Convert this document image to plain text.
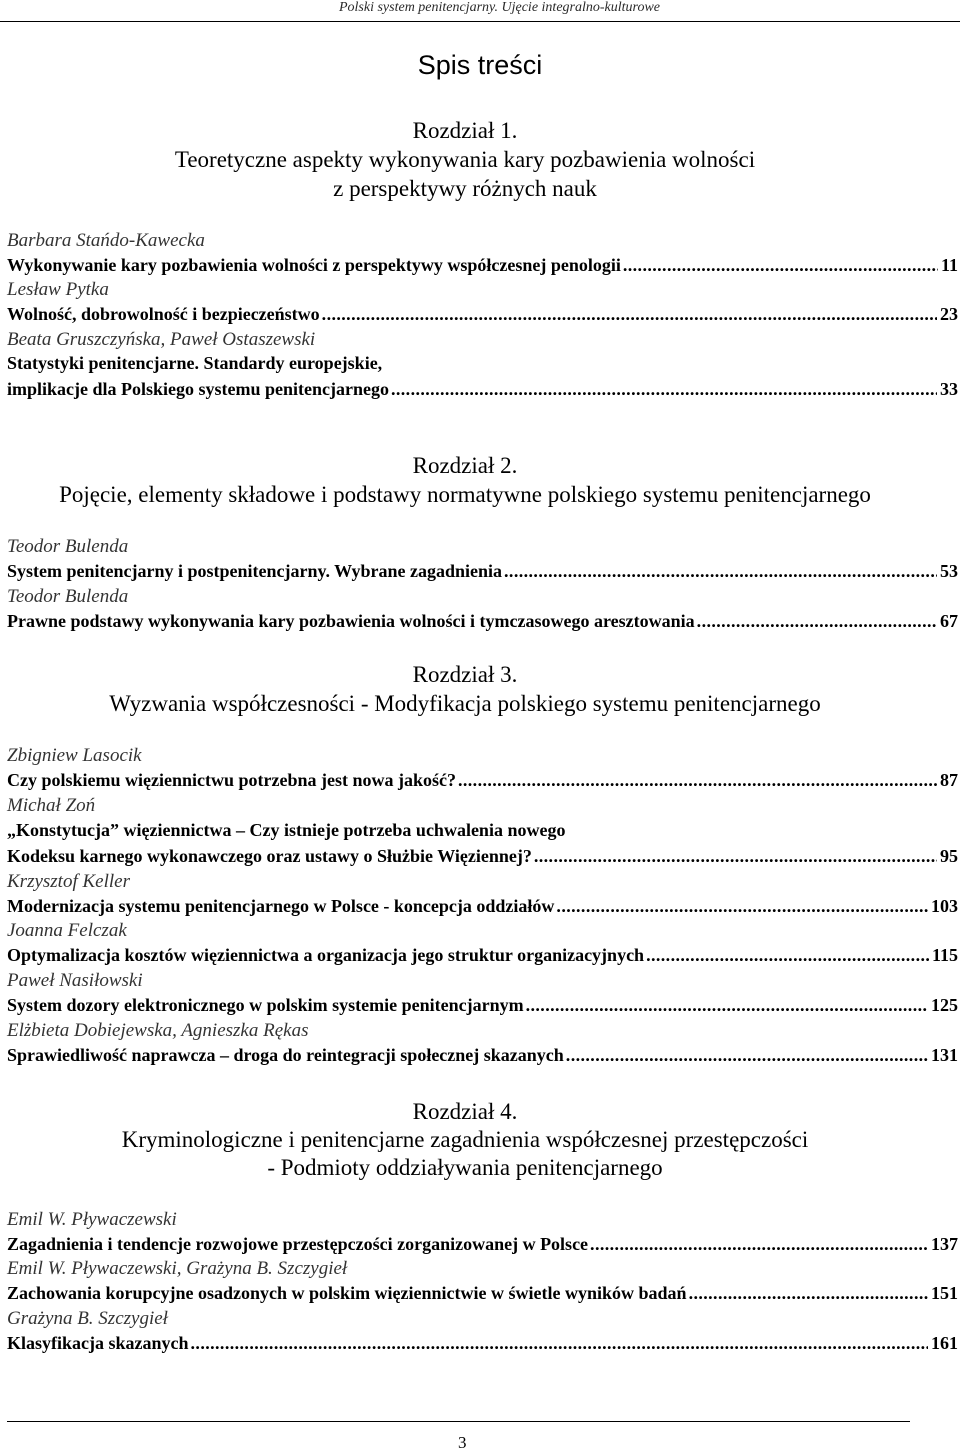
Polski system penitencjarny. Ujęcie integralno-kulturowe
Spis treści
Rozdział 1.
Teoretyczne aspekty wykonywania kary pozbawienia wolności
z perspektywy różnych nauk
Barbara Stańdo-Kawecka
Wykonywanie kary pozbawienia wolności z perspektywy współczesnej penologii .....	11
Lesław Pytka
Wolność, dobrowolność i bezpieczeństwo .....	23
Beata Gruszczyńska, Paweł Ostaszewski
Statystyki penitencjarne. Standardy europejskie,
implikacje dla Polskiego systemu penitencjarnego .....	33
Rozdział 2.
Pojęcie, elementy składowe i podstawy normatywne polskiego systemu penitencjarnego
Teodor Bulenda
System penitencjarny i postpenitencjarny. Wybrane zagadnienia .....	53
Teodor Bulenda
Prawne podstawy wykonywania kary pozbawienia wolności i tymczasowego aresztowania .....	67
Rozdział 3.
Wyzwania współczesności - Modyfikacja polskiego systemu penitencjarnego
Zbigniew Lasocik
Czy polskiemu więziennictwu potrzebna jest nowa jakość? .....	87
Michał Zoń
„Konstytucja” więziennictwa – Czy istnieje potrzeba uchwalenia nowego
Kodeksu karnego wykonawczego oraz ustawy o Służbie Więziennej? .....	95
Krzysztof Keller
Modernizacja systemu penitencjarnego w Polsce - koncepcja oddziałów .....	103
Joanna Felczak
Optymalizacja kosztów więziennictwa a organizacja jego struktur organizacyjnych .....	115
Paweł Nasiłowski
System dozory elektronicznego w polskim systemie penitencjarnym .....	125
Elżbieta Dobiejewska, Agnieszka Rękas
Sprawiedliwość naprawcza – droga do reintegracji społecznej skazanych .....	131
Rozdział 4.
Kryminologiczne i penitencjarne zagadnienia współczesnej przestępczości
- Podmioty oddziaływania penitencjarnego
Emil W. Pływaczewski
Zagadnienia i tendencje rozwojowe przestępczości zorganizowanej w Polsce .....	137
Emil W. Pływaczewski, Grażyna B. Szczygieł
Zachowania korupcyjne osadzonych w polskim więziennictwie w świetle wyników badań .....	151
Grażyna B. Szczygieł
Klasyfikacja skazanych .....	161
3
